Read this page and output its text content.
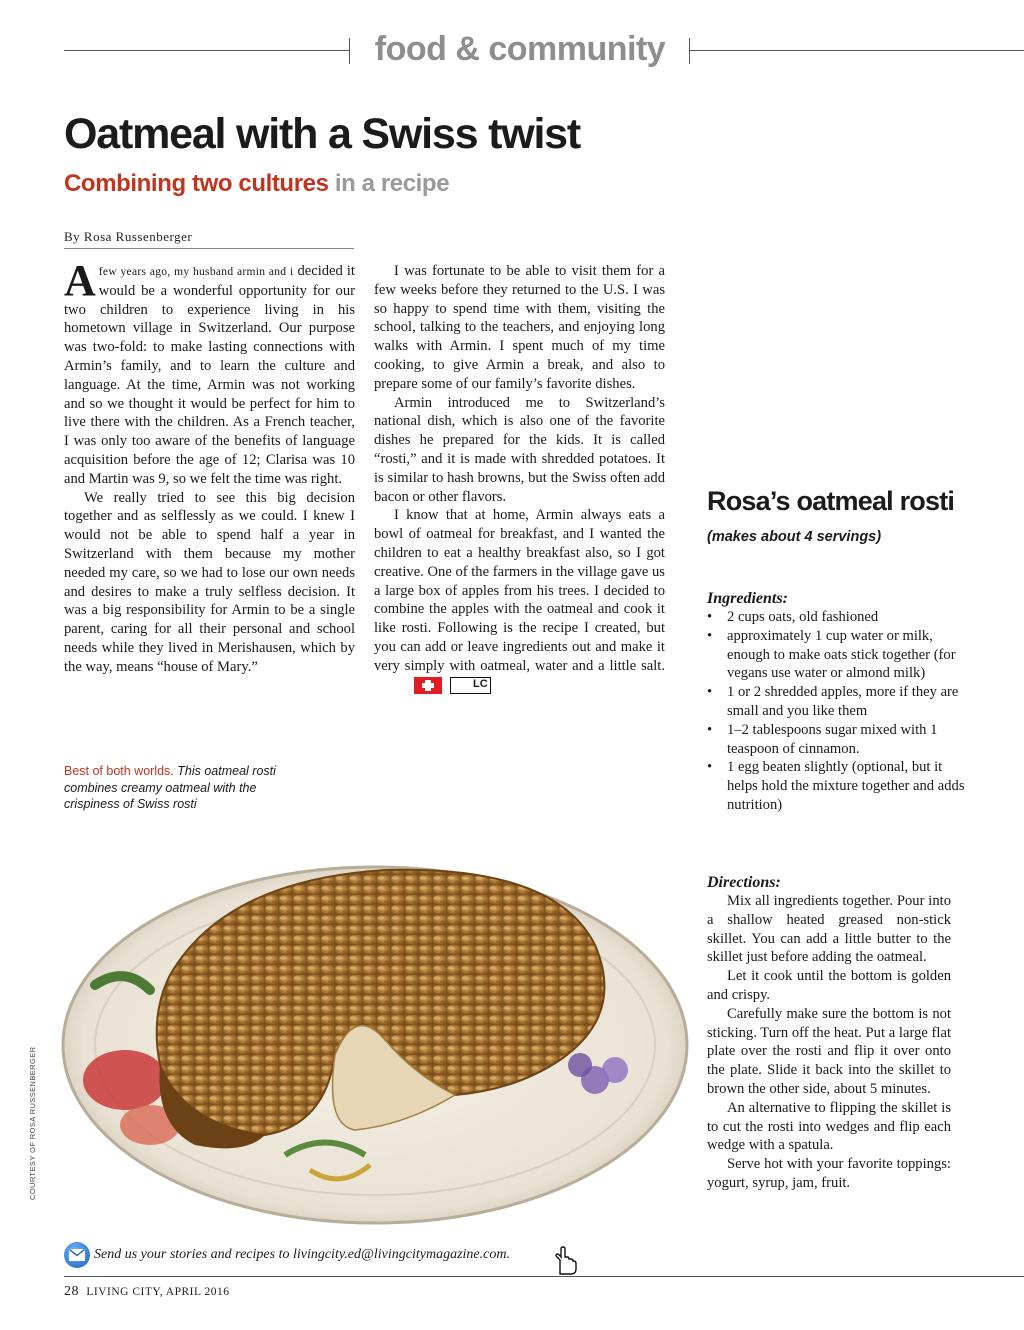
food & community
Oatmeal with a Swiss twist
Combining two cultures in a recipe
By Rosa Russenberger

Afew years ago, my husband armin and i decided it would be a wonderful opportunity for our two children to experience living in his hometown village in Switzerland. Our purpose was two-fold: to make lasting connections with Armin’s family, and to learn the culture and language. At the time, Armin was not working and so we thought it would be perfect for him to live there with the children. As a French teacher, I was only too aware of the benefits of language acquisition before the age of 12; Clarisa was 10 and Martin was 9, so we felt the time was right.

We really tried to see this big decision together and as selflessly as we could. I knew I would not be able to spend half a year in Switzerland with them because my mother needed my care, so we had to lose our own needs and desires to make a truly selfless decision. It was a big responsibility for Armin to be a single parent, caring for all their personal and school needs while they lived in Merishausen, which by the way, means “house of Mary.”

I was fortunate to be able to visit them for a few weeks before they returned to the U.S. I was so happy to spend time with them, visiting the school, talking to the teachers, and enjoying long walks with Armin. I spent much of my time cooking, to give Armin a break, and also to prepare some of our family’s favorite dishes.

Armin introduced me to Switzerland’s national dish, which is also one of the favorite dishes he prepared for the kids. It is called “rosti,” and it is made with shredded potatoes. It is similar to hash browns, but the Swiss often add bacon or other flavors.

I know that at home, Armin always eats a bowl of oatmeal for breakfast, and I wanted the children to eat a healthy breakfast also, so I got creative. One of the farmers in the village gave us a large box of apples from his trees. I decided to combine the apples with the oatmeal and cook it like rosti. Following is the recipe I created, but you can add or leave ingredients out and make it very simply with oatmeal, water and a little salt.
LC

Rosa’s oatmeal rosti
(makes about 4 servings)
Ingredients:
• 2 cups oats, old fashioned
• approximately 1 cup water or milk, enough to make oats stick together (for vegans use water or almond milk)
• 1 or 2 shredded apples, more if they are small and you like them
• 1–2 tablespoons sugar mixed with 1 teaspoon of cinnamon.
• 1 egg beaten slightly (optional, but it helps hold the mixture together and adds nutrition)
Directions:

Mix all ingredients together. Pour into a shallow heated greased non-stick skillet. You can add a little butter to the skillet just before adding the oatmeal.

Let it cook until the bottom is golden and crispy.

Carefully make sure the bottom is not sticking. Turn off the heat. Put a large flat plate over the rosti and flip it over onto the plate. Slide it back into the skillet to brown the other side, about 5 minutes.

An alternative to flipping the skillet is to cut the rosti into wedges and flip each wedge with a spatula.

Serve hot with your favorite toppings: yogurt, syrup, jam, fruit.

Best of both worlds. This oatmeal rosti combines creamy oatmeal with the crispiness of Swiss rosti
COURTESY OF ROSA RUSSENBERGER
Send us your stories and recipes to livingcity.ed@livingcitymagazine.com.
28 LIVING CITY, APRIL 2016
